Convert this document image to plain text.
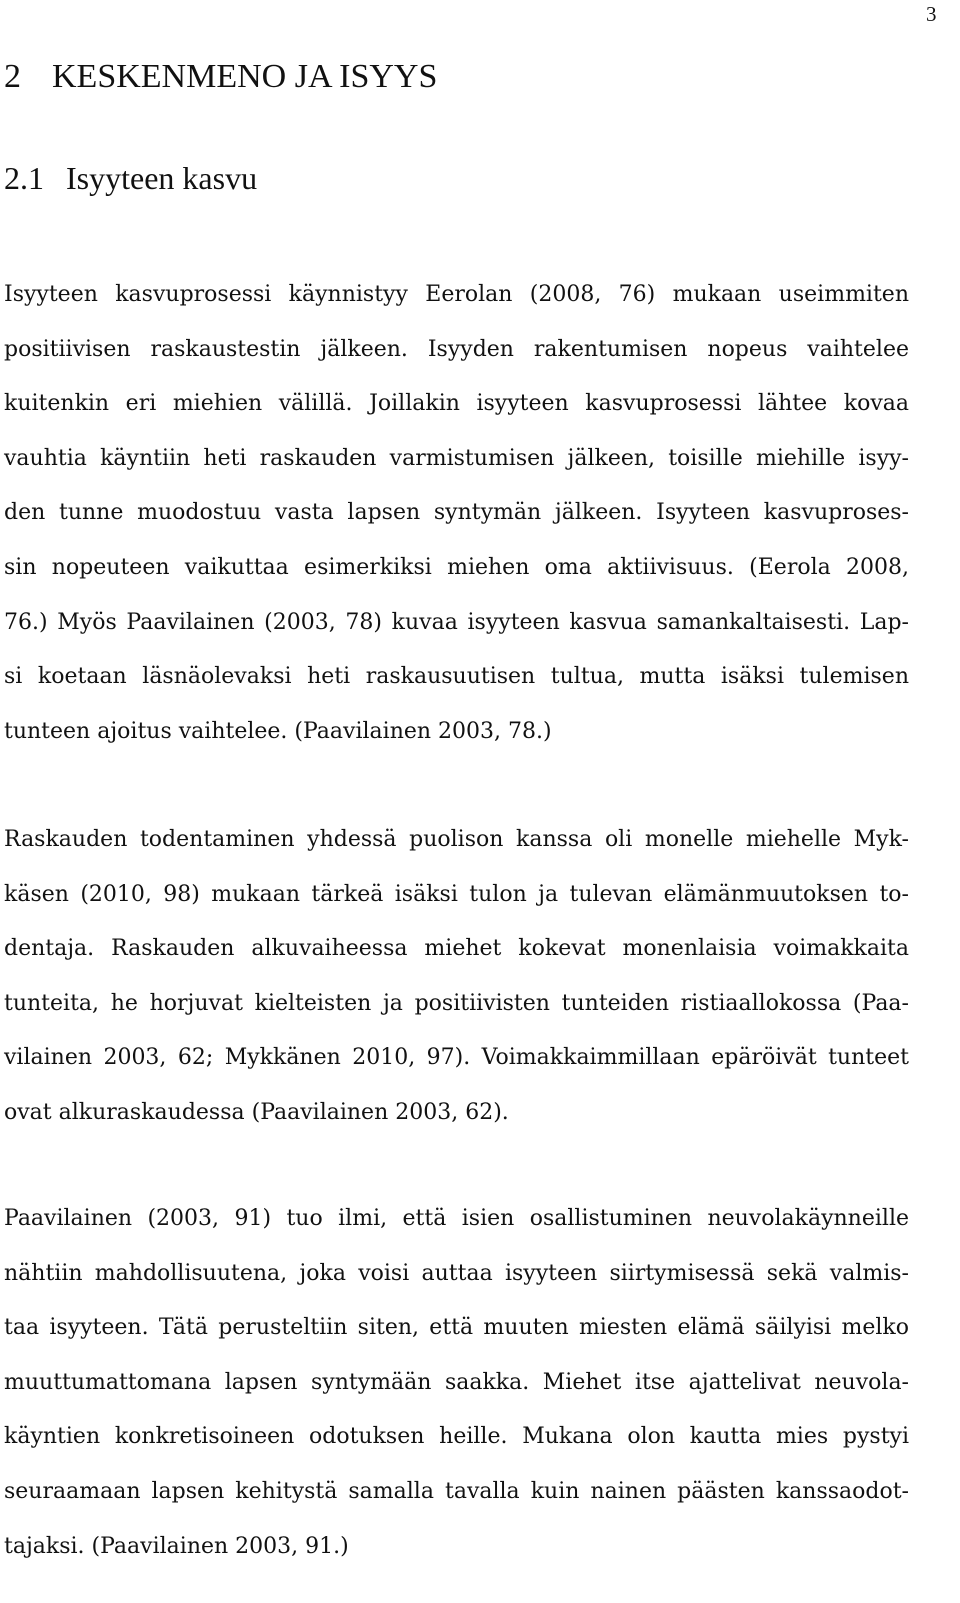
3
2 KESKENMENO JA ISYYS
2.1 Isyyteen kasvu
Isyyteen kasvuprosessi käynnistyy Eerolan (2008, 76) mukaan useimmiten
positiivisen raskaustestin jälkeen. Isyyden rakentumisen nopeus vaihtelee
kuitenkin eri miehien välillä. Joillakin isyyteen kasvuprosessi lähtee kovaa
vauhtia käyntiin heti raskauden varmistumisen jälkeen, toisille miehille isyy-
den tunne muodostuu vasta lapsen syntymän jälkeen. Isyyteen kasvuproses-
sin nopeuteen vaikuttaa esimerkiksi miehen oma aktiivisuus. (Eerola 2008,
76.) Myös Paavilainen (2003, 78) kuvaa isyyteen kasvua samankaltaisesti. Lap-
si koetaan läsnäolevaksi heti raskausuutisen tultua, mutta isäksi tulemisen
tunteen ajoitus vaihtelee. (Paavilainen 2003, 78.)
Raskauden todentaminen yhdessä puolison kanssa oli monelle miehelle Myk-
käsen (2010, 98) mukaan tärkeä isäksi tulon ja tulevan elämänmuutoksen to-
dentaja. Raskauden alkuvaiheessa miehet kokevat monenlaisia voimakkaita
tunteita, he horjuvat kielteisten ja positiivisten tunteiden ristiaallokossa (Paa-
vilainen 2003, 62; Mykkänen 2010, 97). Voimakkaimmillaan epäröivät tunteet
ovat alkuraskaudessa (Paavilainen 2003, 62).
Paavilainen (2003, 91) tuo ilmi, että isien osallistuminen neuvolakäynneille
nähtiin mahdollisuutena, joka voisi auttaa isyyteen siirtymisessä sekä valmis-
taa isyyteen. Tätä perusteltiin siten, että muuten miesten elämä säilyisi melko
muuttumattomana lapsen syntymään saakka. Miehet itse ajattelivat neuvola-
käyntien konkretisoineen odotuksen heille. Mukana olon kautta mies pystyi
seuraamaan lapsen kehitystä samalla tavalla kuin nainen päästen kanssaodot-
tajaksi. (Paavilainen 2003, 91.)
